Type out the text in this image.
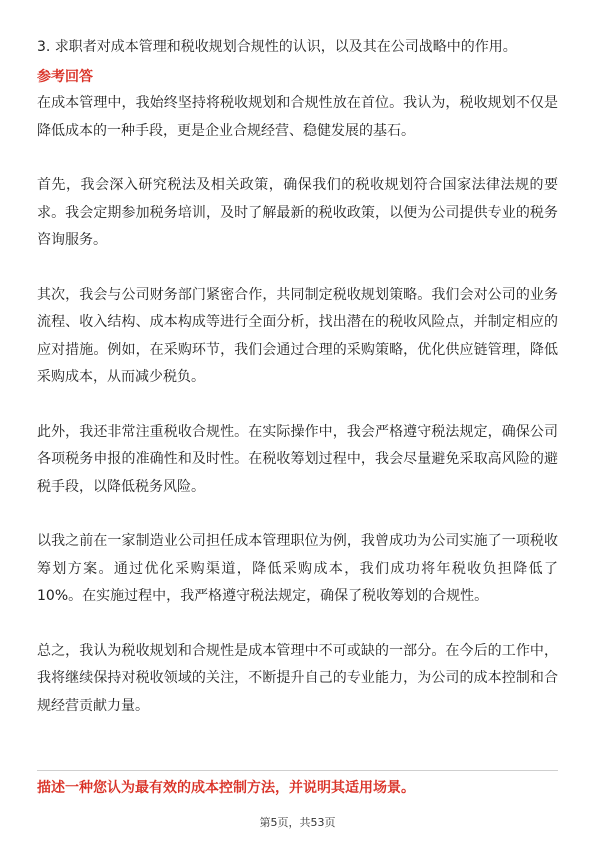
3. 求职者对成本管理和税收规划合规性的认识，以及其在公司战略中的作用。

参考回答

在成本管理中，我始终坚持将税收规划和合规性放在首位。我认为，税收规划不仅是降低成本的一种手段，更是企业合规经营、稳健发展的基石。

首先，我会深入研究税法及相关政策，确保我们的税收规划符合国家法律法规的要求。我会定期参加税务培训，及时了解最新的税收政策，以便为公司提供专业的税务咨询服务。

其次，我会与公司财务部门紧密合作，共同制定税收规划策略。我们会对公司的业务流程、收入结构、成本构成等进行全面分析，找出潜在的税收风险点，并制定相应的应对措施。例如，在采购环节，我们会通过合理的采购策略，优化供应链管理，降低采购成本，从而减少税负。

此外，我还非常注重税收合规性。在实际操作中，我会严格遵守税法规定，确保公司各项税务申报的准确性和及时性。在税收筹划过程中，我会尽量避免采取高风险的避税手段，以降低税务风险。

以我之前在一家制造业公司担任成本管理职位为例，我曾成功为公司实施了一项税收筹划方案。通过优化采购渠道，降低采购成本，我们成功将年税收负担降低了10%。在实施过程中，我严格遵守税法规定，确保了税收筹划的合规性。

总之，我认为税收规划和合规性是成本管理中不可或缺的一部分。在今后的工作中，我将继续保持对税收领域的关注，不断提升自己的专业能力，为公司的成本控制和合规经营贡献力量。

描述一种您认为最有效的成本控制方法，并说明其适用场景。

第5页，共53页
